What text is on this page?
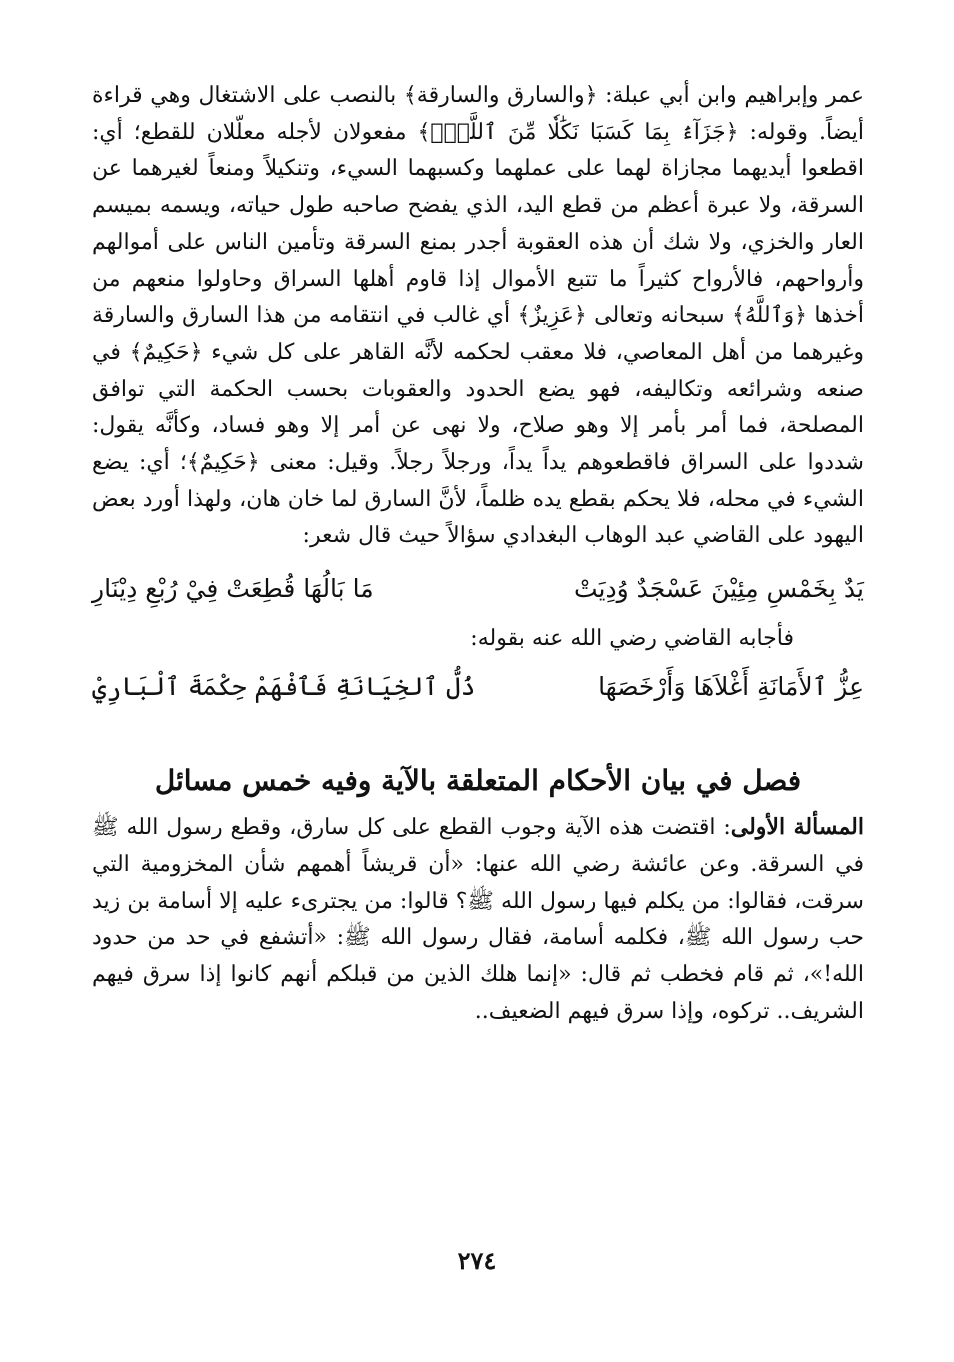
عمر وإبراهيم وابن أبي عبلة: ﴿والسارق والسارقة﴾ بالنصب على الاشتغال وهي قراءة أيضاً. وقوله: ﴿جَزَآءَۢ بِمَا كَسَبَا نَكَٰلٗا مِّنَ ٱللَّهِۗ﴾ مفعولان لأجله معلّلان للقطع؛ أي: اقطعوا أيديهما مجازاة لهما على عملهما وكسبهما السيء، وتنكيلاً ومنعاً لغيرهما عن السرقة، ولا عبرة أعظم من قطع اليد، الذي يفضح صاحبه طول حياته، ويسمه بميسم العار والخزي، ولا شك أن هذه العقوبة أجدر بمنع السرقة وتأمين الناس على أموالهم وأرواحهم، فالأرواح كثيراً ما تتبع الأموال إذا قاوم أهلها السراق وحاولوا منعهم من أخذها ﴿وَٱللَّهُ﴾ سبحانه وتعالى ﴿عَزِيزٌ﴾ أي غالب في انتقامه من هذا السارق والسارقة وغيرهما من أهل المعاصي، فلا معقب لحكمه لأنَّه القاهر على كل شيء ﴿حَكِيمٌ﴾ في صنعه وشرائعه وتكاليفه، فهو يضع الحدود والعقوبات بحسب الحكمة التي توافق المصلحة، فما أمر بأمر إلا وهو صلاح، ولا نهى عن أمر إلا وهو فساد، وكأنَّه يقول: شددوا على السراق فاقطعوهم يداً يداً، ورجلاً رجلاً. وقيل: معنى ﴿حَكِيمٌ﴾؛ أي: يضع الشيء في محله، فلا يحكم بقطع يده ظلماً، لأنَّ السارق لما خان هان، ولهذا أورد بعض اليهود على القاضي عبد الوهاب البغدادي سؤالاً حيث قال شعر:

يَدٌ بِخَمْسِ مِئِيْنَ عَسْجَدٌ وُدِيَتْ
مَا بَالُهَا قُطِعَتْ فِيْ رُبْعِ دِيْنَارِ

فأجابه القاضي رضي الله عنه بقوله:

عِزُّ ٱلأَمَانَةِ أَغْلاَهَا وَأَرْخَصَهَا
ذُلُّ ٱلخِيَانَةِ فَٱفْهَمْ حِكْمَةَ ٱلْبَارِيْ
فصل في بيان الأحكام المتعلقة بالآية وفيه خمس مسائل

المسألة الأولى: اقتضت هذه الآية وجوب القطع على كل سارق، وقطع رسول الله ﷺ في السرقة. وعن عائشة رضي الله عنها: «أن قريشاً أهمهم شأن المخزومية التي سرقت، فقالوا: من يكلم فيها رسول الله ﷺ؟ قالوا: من يجترىء عليه إلا أسامة بن زيد حب رسول الله ﷺ، فكلمه أسامة، فقال رسول الله ﷺ: «أتشفع في حد من حدود الله!»، ثم قام فخطب ثم قال: «إنما هلك الذين من قبلكم أنهم كانوا إذا سرق فيهم الشريف.. تركوه، وإذا سرق فيهم الضعيف..

٢٧٤
